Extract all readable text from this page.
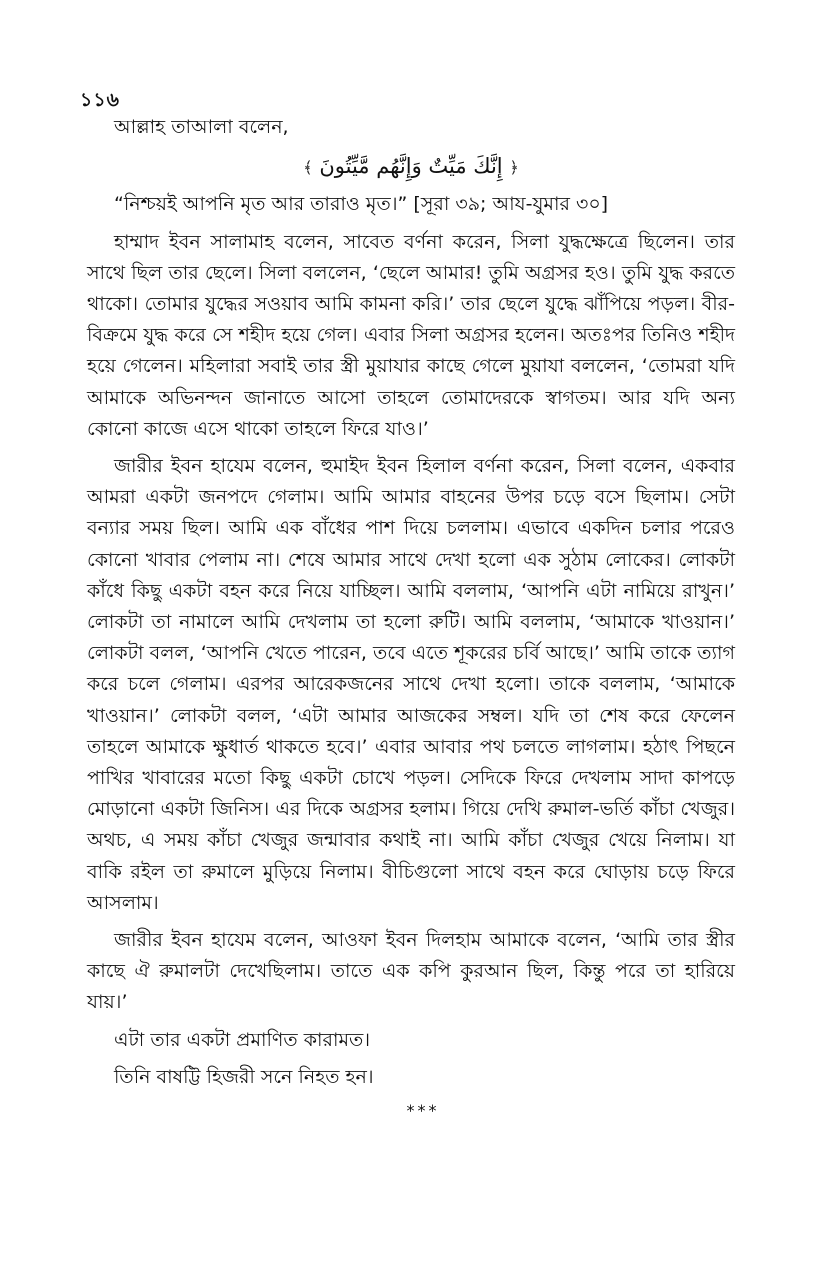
১১৬

আল্লাহ তাআলা বলেন,

﴿ إِنَّكَ مَيِّتٌ وَإِنَّهُم مَّيِّتُونَ ﴾

“নিশ্চয়ই আপনি মৃত আর তারাও মৃত।” [সূরা ৩৯; আয-যুমার ৩০]

হাম্মাদ ইবন সালামাহ বলেন, সাবেত বর্ণনা করেন, সিলা যুদ্ধক্ষেত্রে ছিলেন। তার সাথে ছিল তার ছেলে। সিলা বললেন, ‘ছেলে আমার! তুমি অগ্রসর হও। তুমি যুদ্ধ করতে থাকো। তোমার যুদ্ধের সওয়াব আমি কামনা করি।’ তার ছেলে যুদ্ধে ঝাঁপিয়ে পড়ল। বীর-বিক্রমে যুদ্ধ করে সে শহীদ হয়ে গেল। এবার সিলা অগ্রসর হলেন। অতঃপর তিনিও শহীদ হয়ে গেলেন। মহিলারা সবাই তার স্ত্রী মুয়াযার কাছে গেলে মুয়াযা বললেন, ‘তোমরা যদি আমাকে অভিনন্দন জানাতে আসো তাহলে তোমাদেরকে স্বাগতম। আর যদি অন্য কোনো কাজে এসে থাকো তাহলে ফিরে যাও।’

জারীর ইবন হাযেম বলেন, হুমাইদ ইবন হিলাল বর্ণনা করেন, সিলা বলেন, একবার আমরা একটা জনপদে গেলাম। আমি আমার বাহনের উপর চড়ে বসে ছিলাম। সেটা বন্যার সময় ছিল। আমি এক বাঁধের পাশ দিয়ে চললাম। এভাবে একদিন চলার পরেও কোনো খাবার পেলাম না। শেষে আমার সাথে দেখা হলো এক সুঠাম লোকের। লোকটা কাঁধে কিছু একটা বহন করে নিয়ে যাচ্ছিল। আমি বললাম, ‘আপনি এটা নামিয়ে রাখুন।’ লোকটা তা নামালে আমি দেখলাম তা হলো রুটি। আমি বললাম, ‘আমাকে খাওয়ান।’ লোকটা বলল, ‘আপনি খেতে পারেন, তবে এতে শূকরের চর্বি আছে।’ আমি তাকে ত্যাগ করে চলে গেলাম। এরপর আরেকজনের সাথে দেখা হলো। তাকে বললাম, ‘আমাকে খাওয়ান।’ লোকটা বলল, ‘এটা আমার আজকের সম্বল। যদি তা শেষ করে ফেলেন তাহলে আমাকে ক্ষুধার্ত থাকতে হবে।’ এবার আবার পথ চলতে লাগলাম। হঠাৎ পিছনে পাখির খাবারের মতো কিছু একটা চোখে পড়ল। সেদিকে ফিরে দেখলাম সাদা কাপড়ে মোড়ানো একটা জিনিস। এর দিকে অগ্রসর হলাম। গিয়ে দেখি রুমাল-ভর্তি কাঁচা খেজুর। অথচ, এ সময় কাঁচা খেজুর জন্মাবার কথাই না। আমি কাঁচা খেজুর খেয়ে নিলাম। যা বাকি রইল তা রুমালে মুড়িয়ে নিলাম। বীচিগুলো সাথে বহন করে ঘোড়ায় চড়ে ফিরে আসলাম।

জারীর ইবন হাযেম বলেন, আওফা ইবন দিলহাম আমাকে বলেন, ‘আমি তার স্ত্রীর কাছে ঐ রুমালটা দেখেছিলাম। তাতে এক কপি কুরআন ছিল, কিন্তু পরে তা হারিয়ে যায়।’

এটা তার একটা প্রমাণিত কারামত।

তিনি বাষট্টি হিজরী সনে নিহত হন।

***
